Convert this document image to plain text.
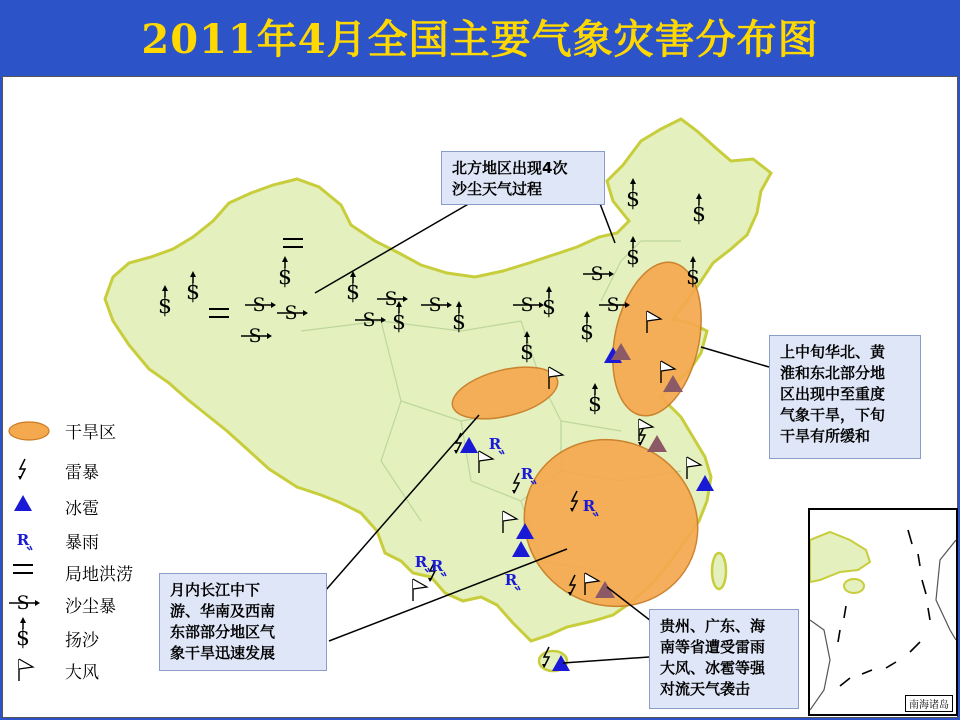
2011年4月全国主要气象灾害分布图
北方地区出现4次
沙尘天气过程
上中旬华北、黄
淮和东北部分地
区出现中至重度
气象干旱，下旬
干旱有所缓和
月内长江中下
游、华南及西南
东部部分地区气
象干旱迅速发展
贵州、广东、海
南等省遭受雷雨
大风、冰雹等强
对流天气袭击
干旱区
雷暴
冰雹
暴雨
局地洪涝
沙尘暴
扬沙
大风
南海诸岛
